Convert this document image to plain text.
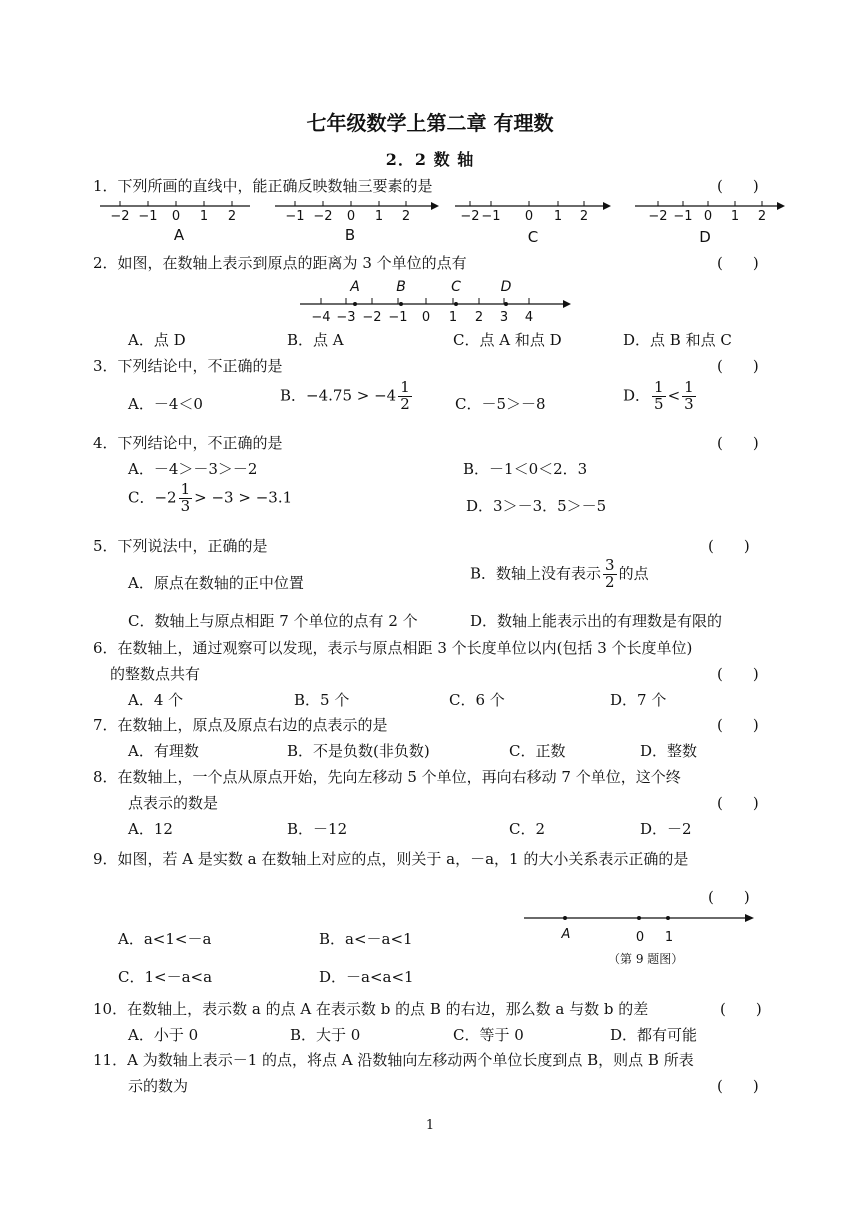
七年级数学上第二章 有理数
2．2 数 轴
1．下列所画的直线中，能正确反映数轴三要素的是	(　　)
−2 −1 0 1 2
A
−1 −2 0 1 2
B
−2 −1 0 1 2
C
−2 −1 0 1 2
D
2．如图，在数轴上表示到原点的距离为 3 个单位的点有	(　　)
A	B	C	D
−4 −3 −2 −1 0 1 2 3 4
A．点 D	B．点 A	C．点 A 和点 D	D．点 B 和点 C
3．下列结论中，不正确的是	(　　)
A．－4＜0	B．$-4.75 > -4 \frac{1}{2}$	C．－5＞－8	D． $\frac{1}{5} < \frac{1}{3}$
4．下列结论中，不正确的是	(　　)
A．－4＞－3＞－2	B．－1＜0＜2．3
C．$-2 \frac{1}{3} > -3 > -3.1$	D．3＞－3．5＞－5
5．下列说法中，正确的是	(　　)
A．原点在数轴的正中位置
B．数轴上没有表示 $\frac{3}{2}$ 的点
C．数轴上与原点相距 7 个单位的点有 2 个	D．数轴上能表示出的有理数是有限的
6．在数轴上，通过观察可以发现，表示与原点相距 3 个长度单位以内(包括 3 个长度单位)
的整数点共有	(　　)
A．4 个	B．5 个	C．6 个	D．7 个
7．在数轴上，原点及原点右边的点表示的是	(　　)
A．有理数	B．不是负数(非负数)	C．正数	D．整数
8．在数轴上，一个点从原点开始，先向左移动 5 个单位，再向右移动 7 个单位，这个终
点表示的数是	(　　)
A．12	B．－12	C．2	D．－2
9．如图，若 A 是实数 a 在数轴上对应的点，则关于 a，－a，1 的大小关系表示正确的是
(　　)
A．a<1<－a	B．a<－a<1
C．1<－a<a	D．－a<a<1
A	0 1
（第 9 题图）
10．在数轴上，表示数 a 的点 A 在表示数 b 的点 B 的右边，那么数 a 与数 b 的差	(　　)
A．小于 0	B．大于 0	C．等于 0	D．都有可能
11．A 为数轴上表示－1 的点，将点 A 沿数轴向左移动两个单位长度到点 B，则点 B 所表
示的数为	(　　)
1
